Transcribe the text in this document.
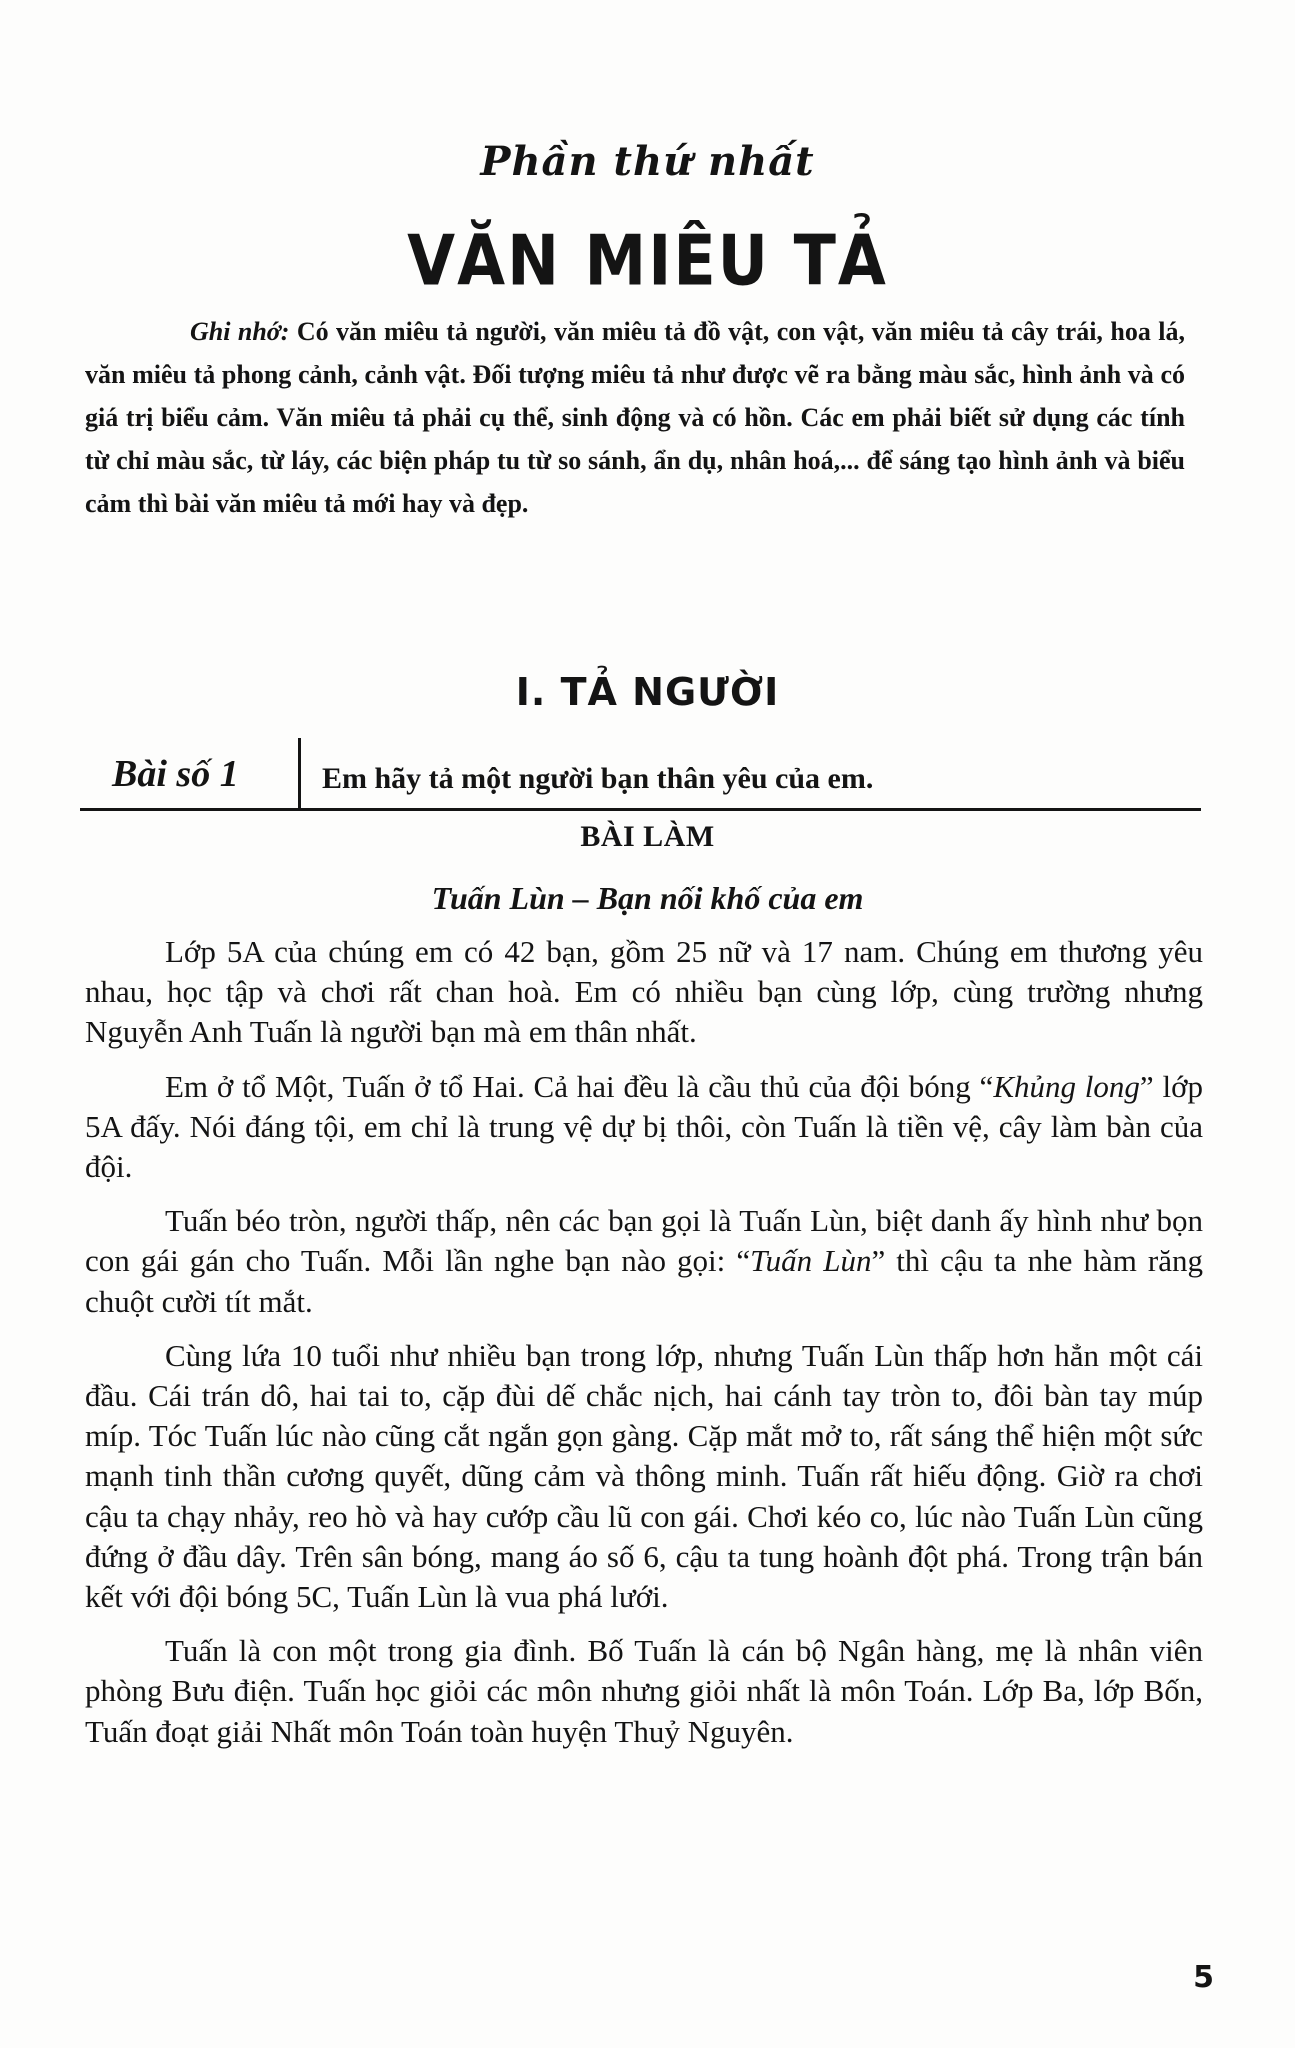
Phần thứ nhất
VĂN MIÊU TẢ
Ghi nhớ: Có văn miêu tả người, văn miêu tả đồ vật, con vật, văn miêu tả cây trái, hoa lá, văn miêu tả phong cảnh, cảnh vật. Đối tượng miêu tả như được vẽ ra bằng màu sắc, hình ảnh và có giá trị biểu cảm. Văn miêu tả phải cụ thể, sinh động và có hồn. Các em phải biết sử dụng các tính từ chỉ màu sắc, từ láy, các biện pháp tu từ so sánh, ẩn dụ, nhân hoá,... để sáng tạo hình ảnh và biểu cảm thì bài văn miêu tả mới hay và đẹp.
I. TẢ NGƯỜI
Bài số 1	Em hãy tả một người bạn thân yêu của em.
BÀI LÀM
Tuấn Lùn – Bạn nối khố của em

Lớp 5A của chúng em có 42 bạn, gồm 25 nữ và 17 nam. Chúng em thương yêu nhau, học tập và chơi rất chan hoà. Em có nhiều bạn cùng lớp, cùng trường nhưng Nguyễn Anh Tuấn là người bạn mà em thân nhất.

Em ở tổ Một, Tuấn ở tổ Hai. Cả hai đều là cầu thủ của đội bóng “Khủng long” lớp 5A đấy. Nói đáng tội, em chỉ là trung vệ dự bị thôi, còn Tuấn là tiền vệ, cây làm bàn của đội.

Tuấn béo tròn, người thấp, nên các bạn gọi là Tuấn Lùn, biệt danh ấy hình như bọn con gái gán cho Tuấn. Mỗi lần nghe bạn nào gọi: “Tuấn Lùn” thì cậu ta nhe hàm răng chuột cười tít mắt.

Cùng lứa 10 tuổi như nhiều bạn trong lớp, nhưng Tuấn Lùn thấp hơn hẳn một cái đầu. Cái trán dô, hai tai to, cặp đùi dế chắc nịch, hai cánh tay tròn to, đôi bàn tay múp míp. Tóc Tuấn lúc nào cũng cắt ngắn gọn gàng. Cặp mắt mở to, rất sáng thể hiện một sức mạnh tinh thần cương quyết, dũng cảm và thông minh. Tuấn rất hiếu động. Giờ ra chơi cậu ta chạy nhảy, reo hò và hay cướp cầu lũ con gái. Chơi kéo co, lúc nào Tuấn Lùn cũng đứng ở đầu dây. Trên sân bóng, mang áo số 6, cậu ta tung hoành đột phá. Trong trận bán kết với đội bóng 5C, Tuấn Lùn là vua phá lưới.

Tuấn là con một trong gia đình. Bố Tuấn là cán bộ Ngân hàng, mẹ là nhân viên phòng Bưu điện. Tuấn học giỏi các môn nhưng giỏi nhất là môn Toán. Lớp Ba, lớp Bốn, Tuấn đoạt giải Nhất môn Toán toàn huyện Thuỷ Nguyên.

5
